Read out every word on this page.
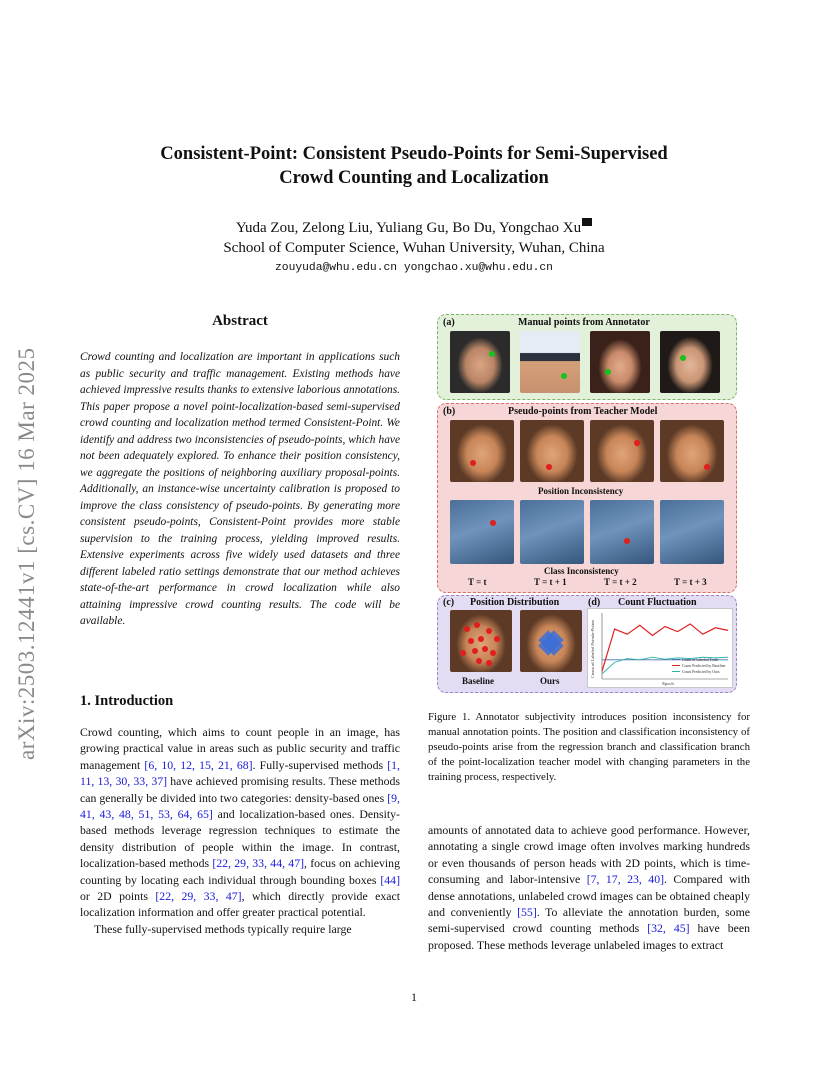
arXiv:2503.12441v1 [cs.CV] 16 Mar 2025
Consistent-Point: Consistent Pseudo-Points for Semi-Supervised
Crowd Counting and Localization
Yuda Zou, Zelong Liu, Yuliang Gu, Bo Du, Yongchao Xu
School of Computer Science, Wuhan University, Wuhan, China
zouyuda@whu.edu.cn yongchao.xu@whu.edu.cn
Abstract
Crowd counting and localization are important in applications such as public security and traffic management. Existing methods have achieved impressive results thanks to extensive laborious annotations. This paper propose a novel point-localization-based semi-supervised crowd counting and localization method termed Consistent-Point. We identify and address two inconsistencies of pseudo-points, which have not been adequately explored. To enhance their position consistency, we aggregate the positions of neighboring auxiliary proposal-points. Additionally, an instance-wise uncertainty calibration is proposed to improve the class consistency of pseudo-points. By generating more consistent pseudo-points, Consistent-Point provides more stable supervision to the training process, yielding improved results. Extensive experiments across five widely used datasets and three different labeled ratio settings demonstrate that our method achieves state-of-the-art performance in crowd localization while also attaining impressive crowd counting results. The code will be available.
1. Introduction

Crowd counting, which aims to count people in an image, has growing practical value in areas such as public security and traffic management [6, 10, 12, 15, 21, 68]. Fully-supervised methods [1, 11, 13, 30, 33, 37] have achieved promising results. These methods can generally be divided into two categories: density-based ones [9, 41, 43, 48, 51, 53, 64, 65] and localization-based ones. Density-based methods leverage regression techniques to estimate the density distribution of people within the image. In contrast, localization-based methods [22, 29, 33, 44, 47], focus on achieving counting by locating each individual through bounding boxes [44] or 2D points [22, 29, 33, 47], which directly provide exact localization information and offer greater practical potential.

These fully-supervised methods typically require large

amounts of annotated data to achieve good performance. However, annotating a single crowd image often involves marking hundreds or even thousands of person heads with 2D points, which is time-consuming and labor-intensive [7, 17, 23, 40]. Compared with dense annotations, unlabeled crowd images can be obtained cheaply and conveniently [55]. To alleviate the annotation burden, some semi-supervised crowd counting methods [32, 45] have been proposed. These methods leverage unlabeled images to extract

(a)	Manual points from Annotator
(b)	Pseudo-points from Teacher Model
Position Inconsistency
Class Inconsistency
T = t	T = t + 1	T = t + 2	T = t + 3
(c) Position Distribution	(d) Count Fluctuation
Baseline	Ours
Count of Labeled Pseudo-Points
Epoch
Count of Labeled Truth
Count Predicted by Baseline
Count Predicted by Ours
Figure 1. Annotator subjectivity introduces position inconsistency for manual annotation points. The position and classification inconsistency of pseudo-points arise from the regression branch and classification branch of the point-localization teacher model with changing parameters in the training process, respectively.
1
